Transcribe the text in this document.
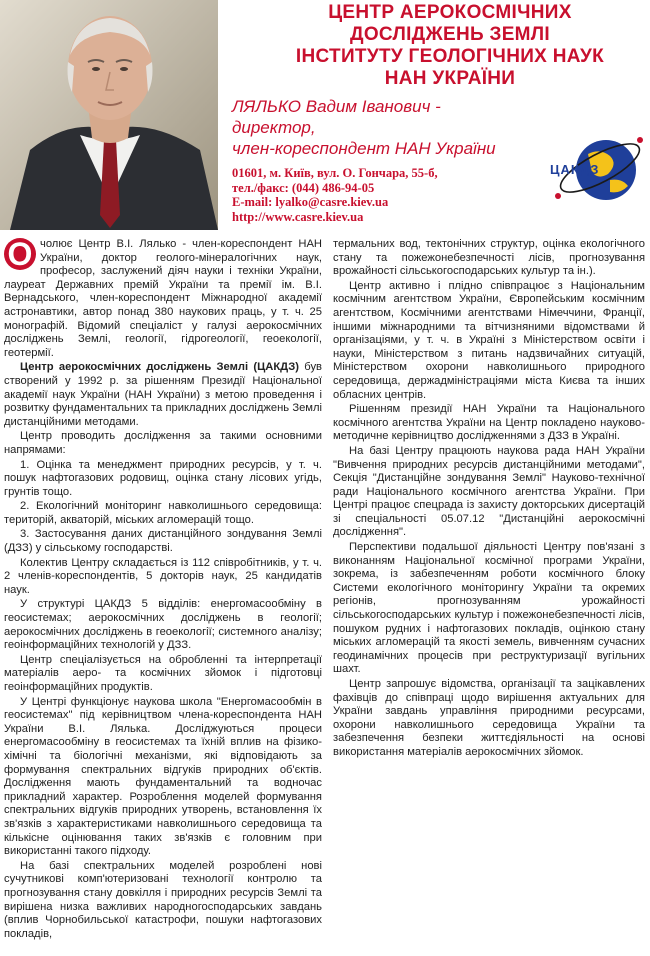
ЦЕНТР АЕРОКОСМІЧНИХ
ДОСЛІДЖЕНЬ ЗЕМЛІ
ІНСТИТУТУ ГЕОЛОГІЧНИХ НАУК
НАН УКРАЇНИ
ЛЯЛЬКО Вадим Іванович -
директор,
член-кореспондент НАН України
01601, м. Київ, вул. О. Гончара, 55-б,
тел./факс: (044) 486-94-05
E-mail: lyalko@casre.kiev.ua
http://www.casre.kiev.ua
ЦАКДЗ

О чолює Центр В.І. Лялько - член-кореспондент НАН України, доктор геолого-мінералогічних наук, професор, заслужений діяч науки і техніки України, лауреат Державних премій України та премії ім. В.І. Вернадського, член-кореспондент Міжнародної академії астронавтики, автор понад 380 наукових праць, у т. ч. 25 монографій. Відомий спеціаліст у галузі аерокосмічних досліджень Землі, геології, гідрогеології, геоекології, геотермії.

Центр аерокосмічних досліджень Землі (ЦАКДЗ) був створений у 1992 р. за рішенням Президії Національної академії наук України (НАН України) з метою проведення і розвитку фундаментальних та прикладних досліджень Землі дистанційними методами.

Центр проводить дослідження за такими основними напрямами:

1. Оцінка та менеджмент природних ресурсів, у т. ч. пошук нафтогазових родовищ, оцінка стану лісових угідь, грунтів тощо.

2. Екологічний моніторинг навколишнього середовища: територій, акваторій, міських агломерацій тощо.

3. Застосування даних дистанційного зондування Землі (ДЗЗ) у сільському господарстві.

Колектив Центру складається із 112 співробітників, у т. ч. 2 членів-кореспондентів, 5 докторів наук, 25 кандидатів наук.

У структурі ЦАКДЗ 5 відділів: енергомасообміну в геосистемах; аерокосмічних досліджень в геології; аерокосмічних досліджень в геоекології; системного аналізу; геоінформаційних технологій у ДЗЗ.

Центр спеціалізується на обробленні та інтерпретації матеріалів аеро- та космічних зйомок і підготовці геоінформаційних продуктів.

У Центрі функціонує наукова школа "Енергомасообмін в геосистемах" під керівництвом члена-кореспондента НАН України В.І. Лялька. Досліджуються процеси енергомасообміну в геосистемах та їхній вплив на фізико-хімічні та біологічні механізми, які відповідають за формування спектральних відгуків природних об'єктів. Дослідження мають фундаментальний та водночас прикладний характер. Розроблення моделей формування спектральних відгуків природних утворень, встановлення їх зв'язків з характеристиками навколишнього середовища та кількісне оцінювання таких зв'язків є головним при використанні такого підходу.

На базі спектральних моделей розроблені нові сучутникові комп'ютеризовані технології контролю та прогнозування стану довкілля і природних ресурсів Землі та вирішена низка важливих народногосподарських завдань (вплив Чорнобильської катастрофи, пошуки нафтогазових покладів,

термальних вод, тектонічних структур, оцінка екологічного стану та пожежонебезпечності лісів, прогнозування врожайності сільськогосподарських культур та ін.).

Центр активно і плідно співпрацює з Національним космічним агентством України, Європейським космічним агентством, Космічними агентствами Німеччини, Франції, іншими міжнародними та вітчизняними відомствами й організаціями, у т. ч. в Україні з Міністерством освіти і науки, Міністерством з питань надзвичайних ситуацій, Міністерством охорони навколишнього природного середовища, держадміністраціями міста Києва та інших обласних центрів.

Рішенням президії НАН України та Національного космічного агентства України на Центр покладено науково-методичне керівництво дослідженнями з ДЗЗ в Україні.

На базі Центру працюють наукова рада НАН України "Вивчення природних ресурсів дистанційними методами", Секція "Дистанційне зондування Землі" Науково-технічної ради Національного космічного агентства України. При Центрі працює спецрада із захисту докторських дисертацій зі спеціальності 05.07.12 "Дистанційні аерокосмічні дослідження".

Перспективи подальшої діяльності Центру пов'язані з виконанням Національної космічної програми України, зокрема, із забезпеченням роботи космічного блоку Системи екологічного моніторингу України та окремих регіонів, прогнозуванням урожайності сільськогосподарських культур і пожежонебезпечності лісів, пошуком рудних і нафтогазових покладів, оцінкою стану міських агломерацій та якості земель, вивченням сучасних геодинамічних процесів при реструктуризації вугільних шахт.

Центр запрошує відомства, організації та зацікавлених фахівців до співпраці щодо вирішення актуальних для України завдань управління природними ресурсами, охорони навколишнього середовища України та забезпечення безпеки життєдіяльності на основі використання матеріалів аерокосмічних зйомок.
